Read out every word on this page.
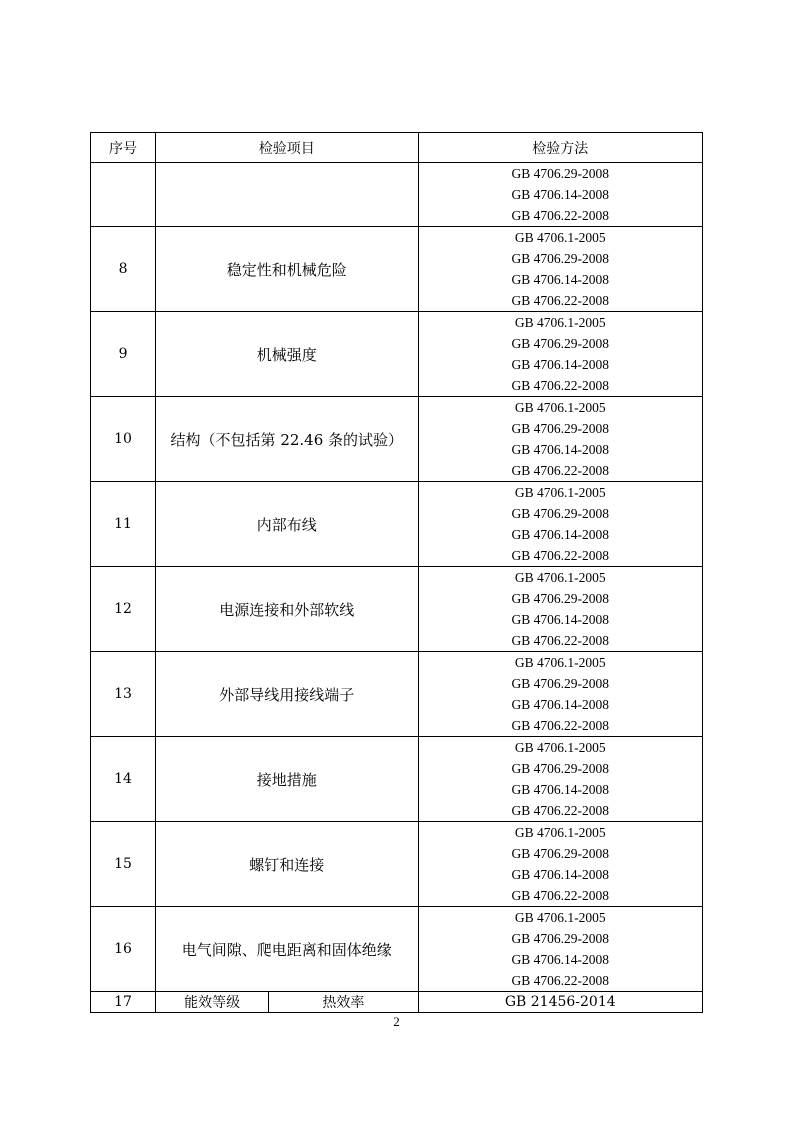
序号	检验项目		检验方法

			GB 4706.29-2008
GB 4706.14-2008
GB 4706.22-2008

8	稳定性和机械危险		GB 4706.1-2005
GB 4706.29-2008
GB 4706.14-2008
GB 4706.22-2008

9	机械强度		GB 4706.1-2005
GB 4706.29-2008
GB 4706.14-2008
GB 4706.22-2008

10	结构（不包括第 22.46 条的试验）		GB 4706.1-2005
GB 4706.29-2008
GB 4706.14-2008
GB 4706.22-2008

11	内部布线		GB 4706.1-2005
GB 4706.29-2008
GB 4706.14-2008
GB 4706.22-2008

12	电源连接和外部软线		GB 4706.1-2005
GB 4706.29-2008
GB 4706.14-2008
GB 4706.22-2008

13	外部导线用接线端子		GB 4706.1-2005
GB 4706.29-2008
GB 4706.14-2008
GB 4706.22-2008

14	接地措施		GB 4706.1-2005
GB 4706.29-2008
GB 4706.14-2008
GB 4706.22-2008

15	螺钉和连接		GB 4706.1-2005
GB 4706.29-2008
GB 4706.14-2008
GB 4706.22-2008

16	电气间隙、爬电距离和固体绝缘		GB 4706.1-2005
GB 4706.29-2008
GB 4706.14-2008
GB 4706.22-2008

17	能效等级	热效率	GB 21456-2014
2
